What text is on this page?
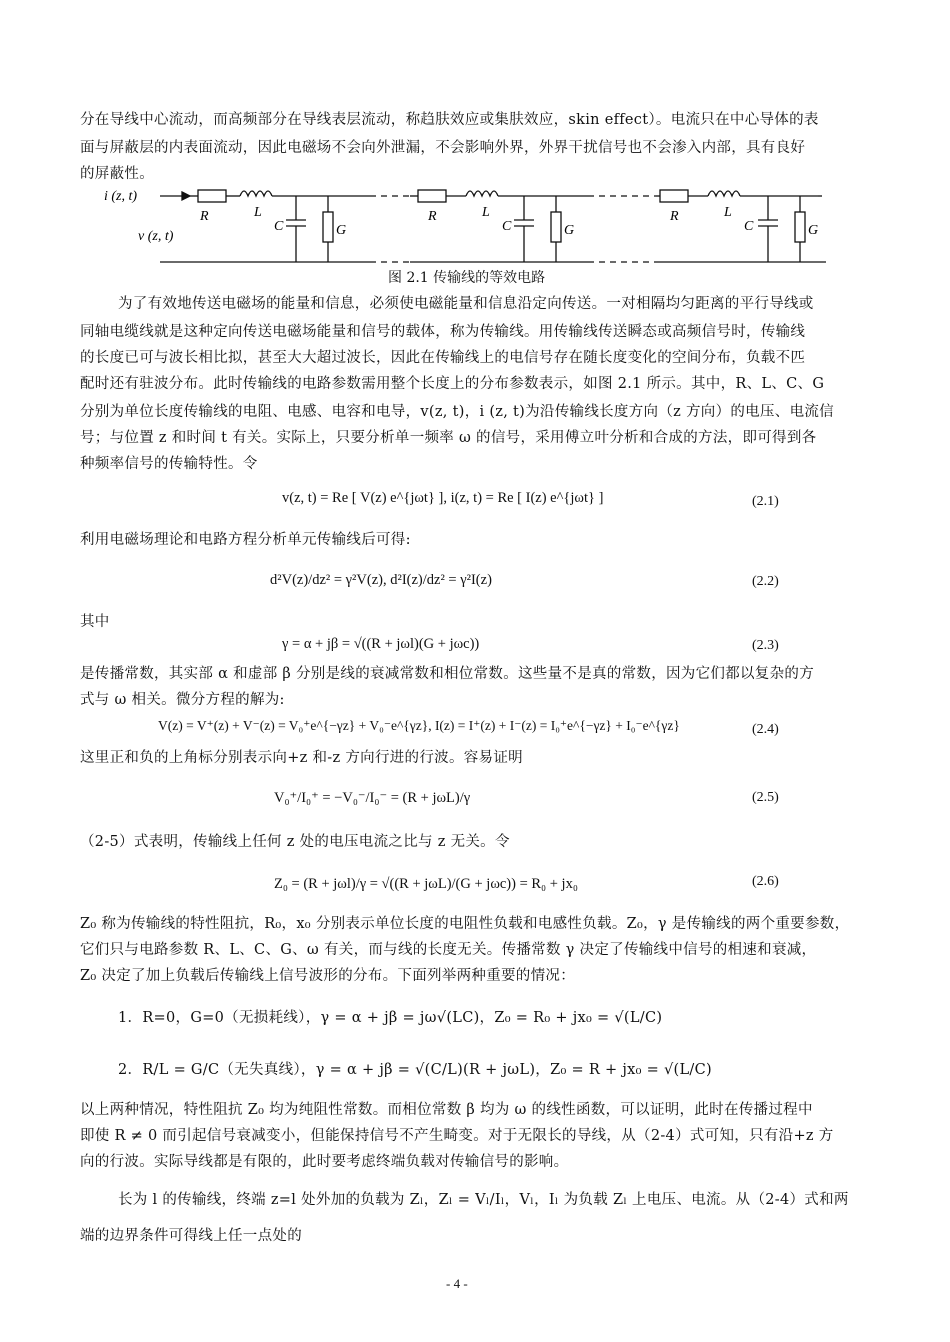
分在导线中心流动，而高频部分在导线表层流动，称趋肤效应或集肤效应，skin effect）。电流只在中心导体的表
面与屏蔽层的内表面流动，因此电磁场不会向外泄漏，不会影响外界，外界干扰信号也不会渗入内部，具有良好
的屏蔽性。
i (z, t)
v (z, t)
R	L
C	G
R	L
C	G
R	L
C	G
图 2.1 传输线的等效电路
为了有效地传送电磁场的能量和信息，必须使电磁能量和信息沿定向传送。一对相隔均匀距离的平行导线或
同轴电缆线就是这种定向传送电磁场能量和信号的载体，称为传输线。用传输线传送瞬态或高频信号时，传输线
的长度已可与波长相比拟，甚至大大超过波长，因此在传输线上的电信号存在随长度变化的空间分布，负载不匹
配时还有驻波分布。此时传输线的电路参数需用整个长度上的分布参数表示，如图 2.1 所示。其中，R、L、C、G
分别为单位长度传输线的电阻、电感、电容和电导，v(z, t)，i (z, t)为沿传输线长度方向（z 方向）的电压、电流信
号；与位置 z 和时间 t 有关。实际上，只要分析单一频率 ω 的信号，采用傅立叶分析和合成的方法，即可得到各
种频率信号的传输特性。令
v(z, t) = Re [ V(z) e^{jωt} ], i(z, t) = Re [ I(z) e^{jωt} ]	(2.1)
利用电磁场理论和电路方程分析单元传输线后可得:
d²V(z)/dz² = γ²V(z), d²I(z)/dz² = γ²I(z)	(2.2)
其中
γ = α + jβ = √((R + jωl)(G + jωc))	(2.3)
是传播常数，其实部 α 和虚部 β 分别是线的衰减常数和相位常数。这些量不是真的常数，因为它们都以复杂的方
式与 ω 相关。微分方程的解为:
V(z) = V⁺(z) + V⁻(z) = V₀⁺e^{−γz} + V₀⁻e^{γz}, I(z) = I⁺(z) + I⁻(z) = I₀⁺e^{−γz} + I₀⁻e^{γz}	(2.4)
这里正和负的上角标分别表示向+z 和-z 方向行进的行波。容易证明
V₀⁺/I₀⁺ = −V₀⁻/I₀⁻ = (R + jωL)/γ	(2.5)
（2-5）式表明，传输线上任何 z 处的电压电流之比与 z 无关。令
Z₀ = (R + jωl)/γ = √((R + jωL)/(G + jωc)) = R₀ + jx₀	(2.6)
Z₀ 称为传输线的特性阻抗，R₀，x₀ 分别表示单位长度的电阻性负载和电感性负载。Z₀，γ 是传输线的两个重要参数，
它们只与电路参数 R、L、C、G、ω 有关，而与线的长度无关。传播常数 γ 决定了传输线中信号的相速和衰减，
Z₀ 决定了加上负载后传输线上信号波形的分布。下面列举两种重要的情况：
1．R=0，G=0（无损耗线），γ = α + jβ = jω√(LC)，Z₀ = R₀ + jx₀ = √(L/C)
2．R/L = G/C（无失真线），γ = α + jβ = √(C/L)(R + jωL)，Z₀ = R + jx₀ = √(L/C)
以上两种情况，特性阻抗 Z₀ 均为纯阻性常数。而相位常数 β 均为 ω 的线性函数，可以证明，此时在传播过程中
即使 R ≠ 0 而引起信号衰减变小，但能保持信号不产生畸变。对于无限长的导线，从（2-4）式可知，只有沿+z 方
向的行波。实际导线都是有限的，此时要考虑终端负载对传输信号的影响。
长为 l 的传输线，终端 z=l 处外加的负载为 Zₗ，Zₗ = Vₗ/Iₗ，Vₗ，Iₗ 为负载 Zₗ 上电压、电流。从（2-4）式和两
端的边界条件可得线上任一点处的
- 4 -
